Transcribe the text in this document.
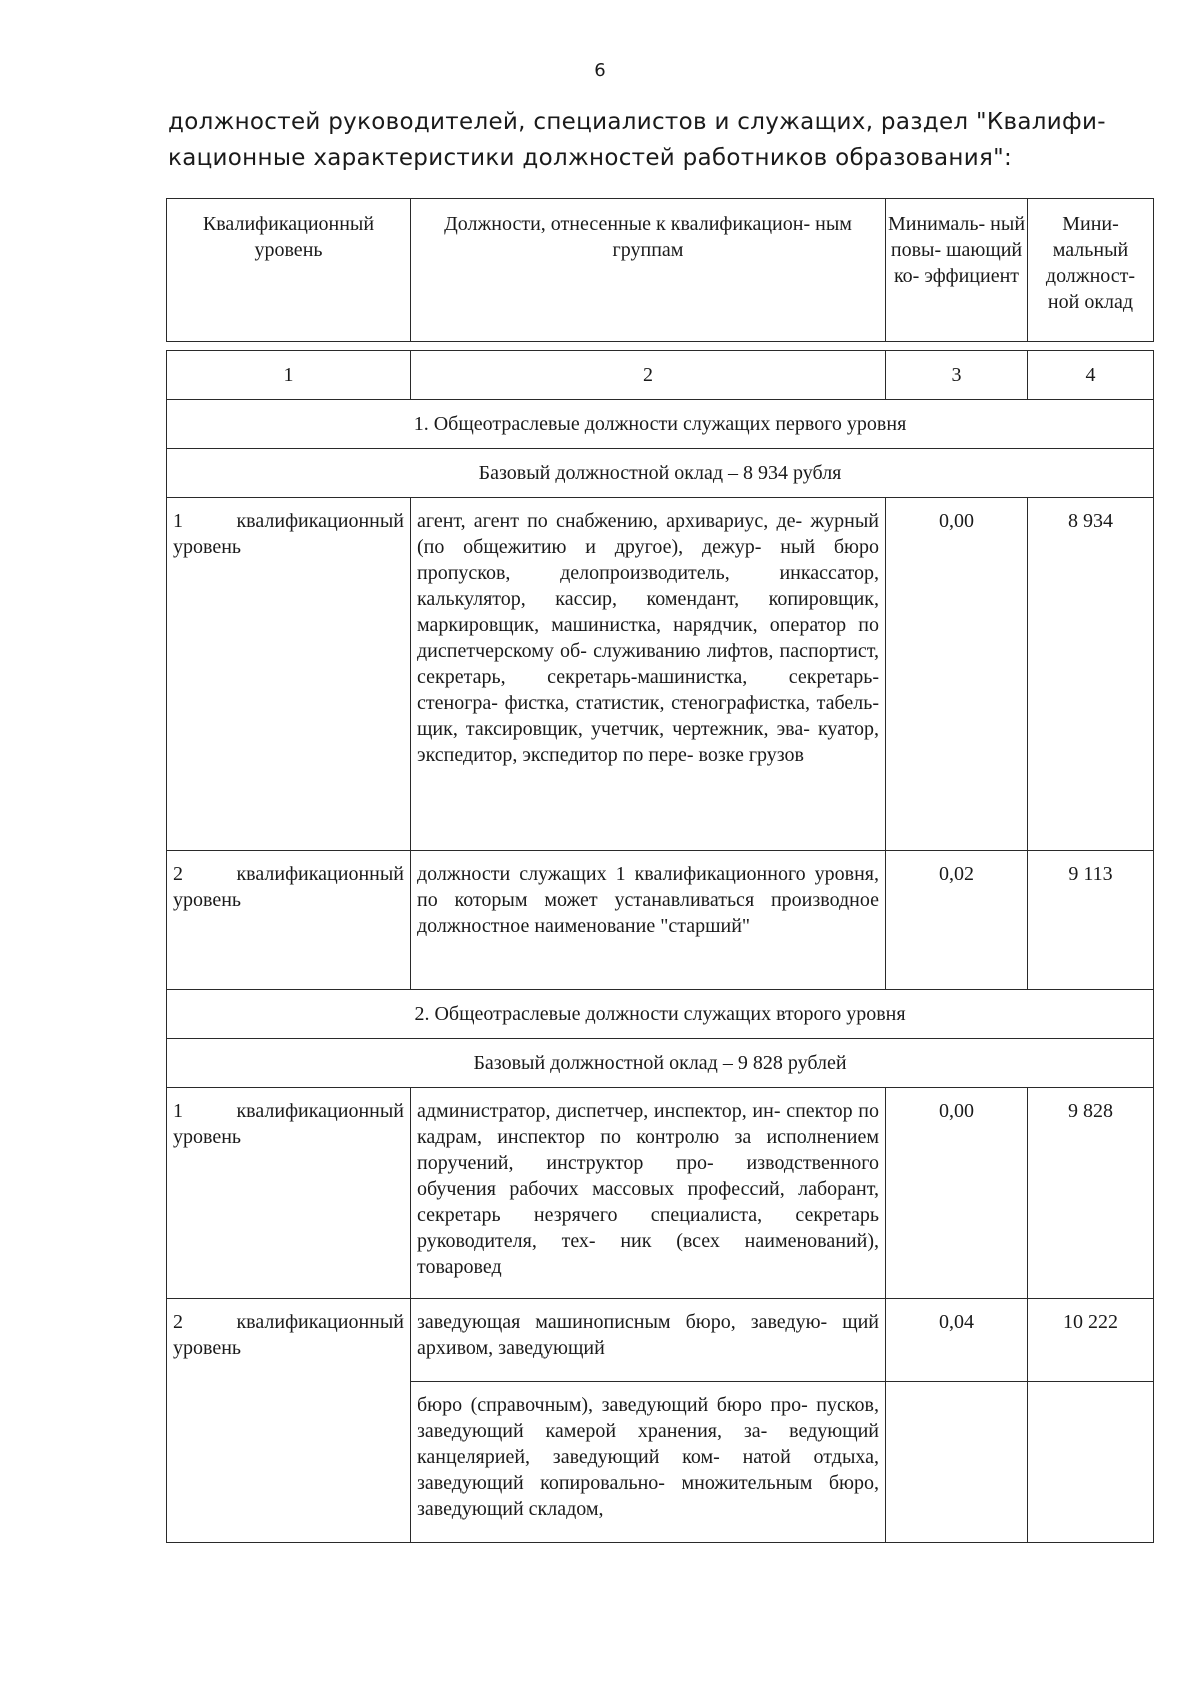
6
должностей руководителей, специалистов и служащих, раздел "Квалифи-
кационные характеристики должностей работников образования":
Квалификационный уровень	Должности, отнесенные к квалификацион- ным группам	Минималь- ный повы- шающий ко- эффициент	Мини- мальный должност- ной оклад
1	2	3	4
1. Общеотраслевые должности служащих первого уровня			
Базовый должностной оклад – 8 934 рубля			
1 квалификационный уровень	агент, агент по снабжению, архивариус, де- журный (по общежитию и другое), дежур- ный бюро пропусков, делопроизводитель, инкассатор, калькулятор, кассир, комендант, копировщик, маркировщик, машинистка, нарядчик, оператор по диспетчерскому об- служиванию лифтов, паспортист, секретарь, секретарь-машинистка, секретарь-стеногра- фистка, статистик, стенографистка, табель- щик, таксировщик, учетчик, чертежник, эва- куатор, экспедитор, экспедитор по пере- возке грузов	0,00	8 934
2 квалификационный уровень	должности служащих 1 квалификационного уровня, по которым может устанавливаться производное должностное наименование "старший"	0,02	9 113
2. Общеотраслевые должности служащих второго уровня			
Базовый должностной оклад – 9 828 рублей			
1 квалификационный уровень	администратор, диспетчер, инспектор, ин- спектор по кадрам, инспектор по контролю за исполнением поручений, инструктор про- изводственного обучения рабочих массовых профессий, лаборант, секретарь незрячего специалиста, секретарь руководителя, тех- ник (всех наименований), товаровед	0,00	9 828
2 квалификационный уровень	заведующая машинописным бюро, заведую- щий архивом, заведующий	0,04	10 222
	бюро (справочным), заведующий бюро про- пусков, заведующий камерой хранения, за- ведующий канцелярией, заведующий ком- натой отдыха, заведующий копировально- множительным бюро, заведующий складом,		
